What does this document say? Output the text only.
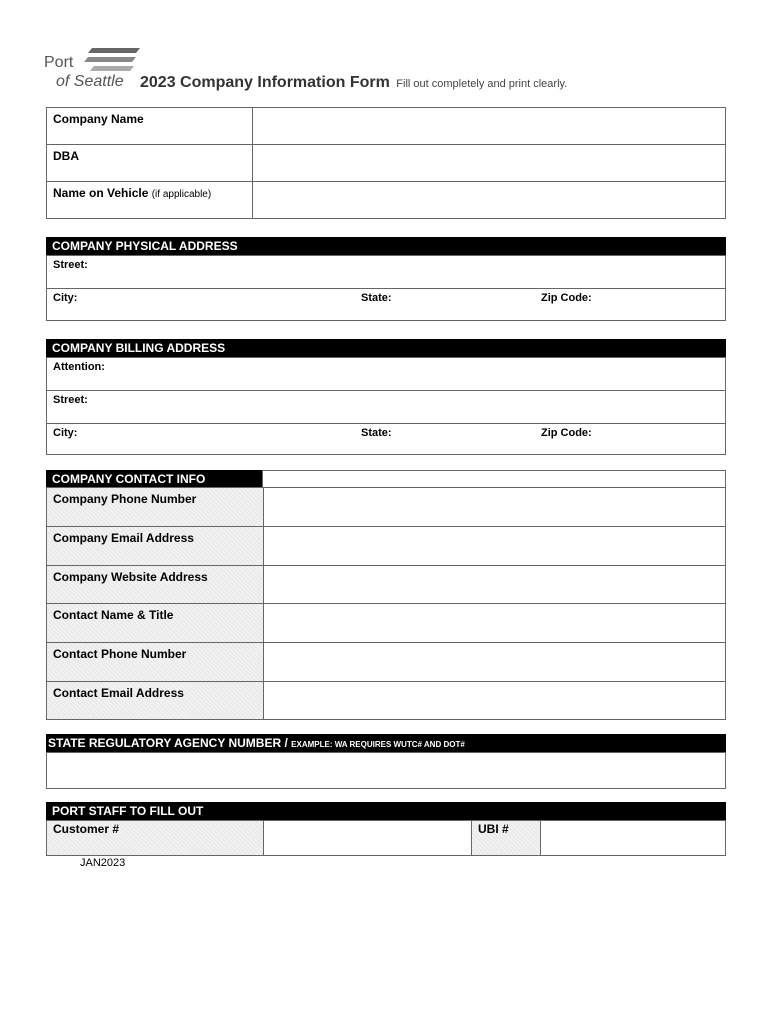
Port
of Seattle 2023 Company Information Form Fill out completely and print clearly.
Company Name	
DBA	
Name on Vehicle (if applicable)	
COMPANY PHYSICAL ADDRESS
Street:
City:	State:	Zip Code:
COMPANY BILLING ADDRESS
Attention:
Street:
City:	State:	Zip Code:
COMPANY CONTACT INFO
Company Phone Number	
Company Email Address	
Company Website Address	
Contact Name & Title	
Contact Phone Number	
Contact Email Address	
STATE REGULATORY AGENCY NUMBER / EXAMPLE: WA REQUIRES WUTC# AND DOT#
PORT STAFF TO FILL OUT
Customer #		UBI #	
JAN2023
